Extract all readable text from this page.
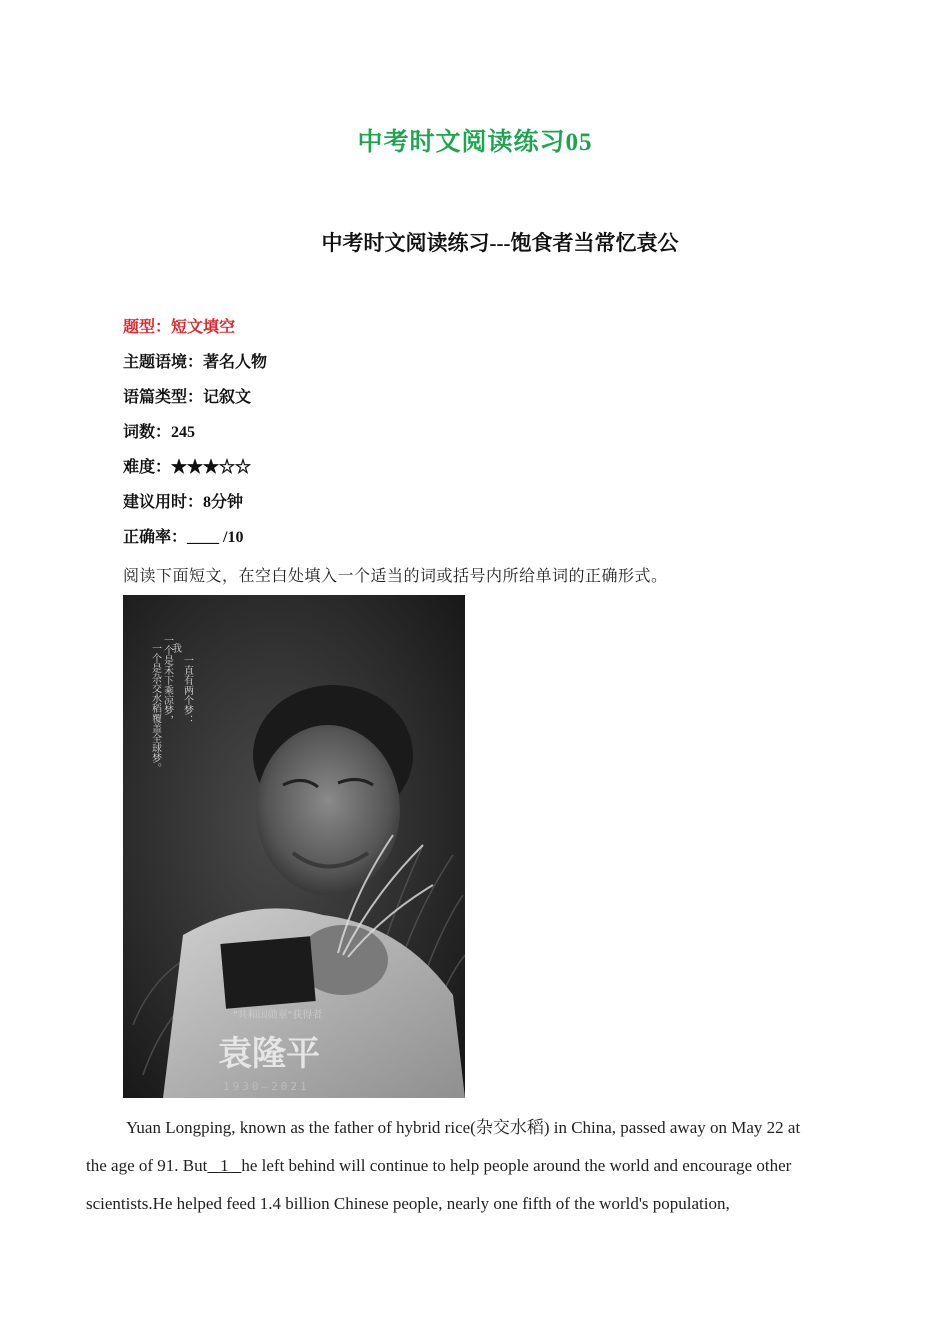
中考时文阅读练习05
中考时文阅读练习---饱食者当常忆袁公
题型：短文填空
主题语境：著名人物
语篇类型：记叙文
词数：245
难度：★★★☆☆
建议用时：8分钟
正确率：____ /10
阅读下面短文，在空白处填入一个适当的词或括号内所给单词的正确形式。
我
一直有两个梦：
一个是禾下乘凉梦，
一个是杂交水稻覆盖全球梦。
"共和国勋章"获得者
袁隆平
1930—2021
Yuan Longping, known as the father of hybrid rice(杂交水稻) in China, passed away on May 22 at
the age of 91. But   1   he left behind will continue to help people around the world and encourage other
scientists.He helped feed 1.4 billion Chinese people, nearly one fifth of the world's population,
